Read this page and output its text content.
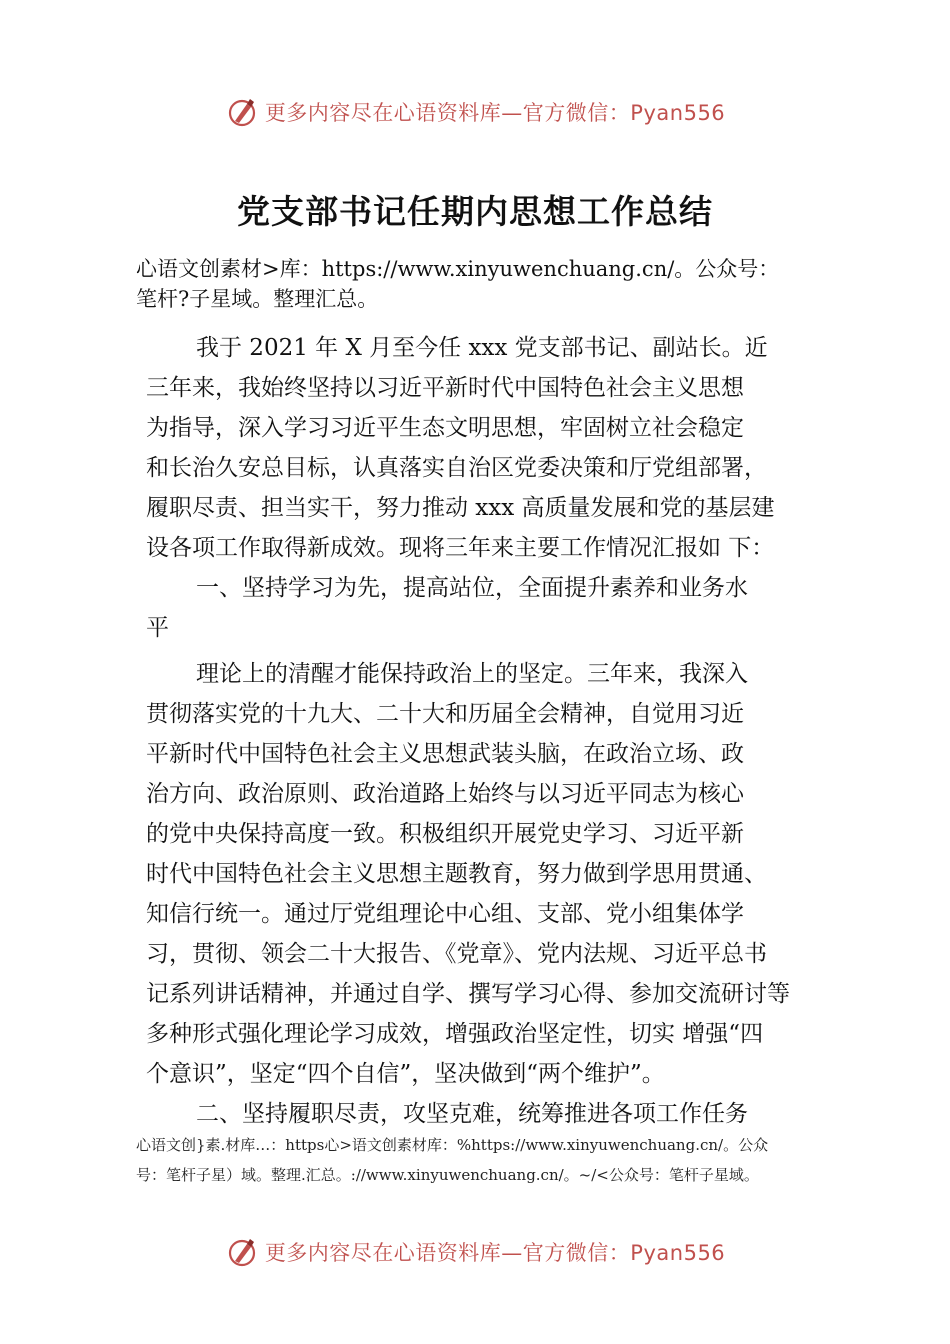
更多内容尽在心语资料库—官方微信：Pyan556
党支部书记任期内思想工作总结
心语文创素材>库：https://www.xinyuwenchuang.cn/。公众号：
笔杆?子星域。整理汇总。
我于 2021 年 X 月至今任 xxx 党支部书记、副站长。近
三年来，我始终坚持以习近平新时代中国特色社会主义思想
为指导，深入学习习近平生态文明思想，牢固树立社会稳定
和长治久安总目标，认真落实自治区党委决策和厅党组部署，
履职尽责、担当实干，努力推动 xxx 高质量发展和党的基层建
设各项工作取得新成效。现将三年来主要工作情况汇报如 下：
一、坚持学习为先，提高站位，全面提升素养和业务水
平
理论上的清醒才能保持政治上的坚定。三年来，我深入
贯彻落实党的十九大、二十大和历届全会精神，自觉用习近
平新时代中国特色社会主义思想武装头脑，在政治立场、政
治方向、政治原则、政治道路上始终与以习近平同志为核心
的党中央保持高度一致。积极组织开展党史学习、习近平新
时代中国特色社会主义思想主题教育，努力做到学思用贯通、
知信行统一。通过厅党组理论中心组、支部、党小组集体学
习，贯彻、领会二十大报告、《党章》、党内法规、习近平总书
记系列讲话精神，并通过自学、撰写学习心得、参加交流研讨等
多种形式强化理论学习成效，增强政治坚定性，切实 增强“四
个意识”，坚定“四个自信”，坚决做到“两个维护”。
二、坚持履职尽责，攻坚克难，统筹推进各项工作任务
心语文创}素.材库…：https心>语文创素材库：%https://www.xinyuwenchuang.cn/。公众
号：笔杆子星）域。整理.汇总。://www.xinyuwenchuang.cn/。~/<公众号：笔杆子星域。
更多内容尽在心语资料库—官方微信：Pyan556
